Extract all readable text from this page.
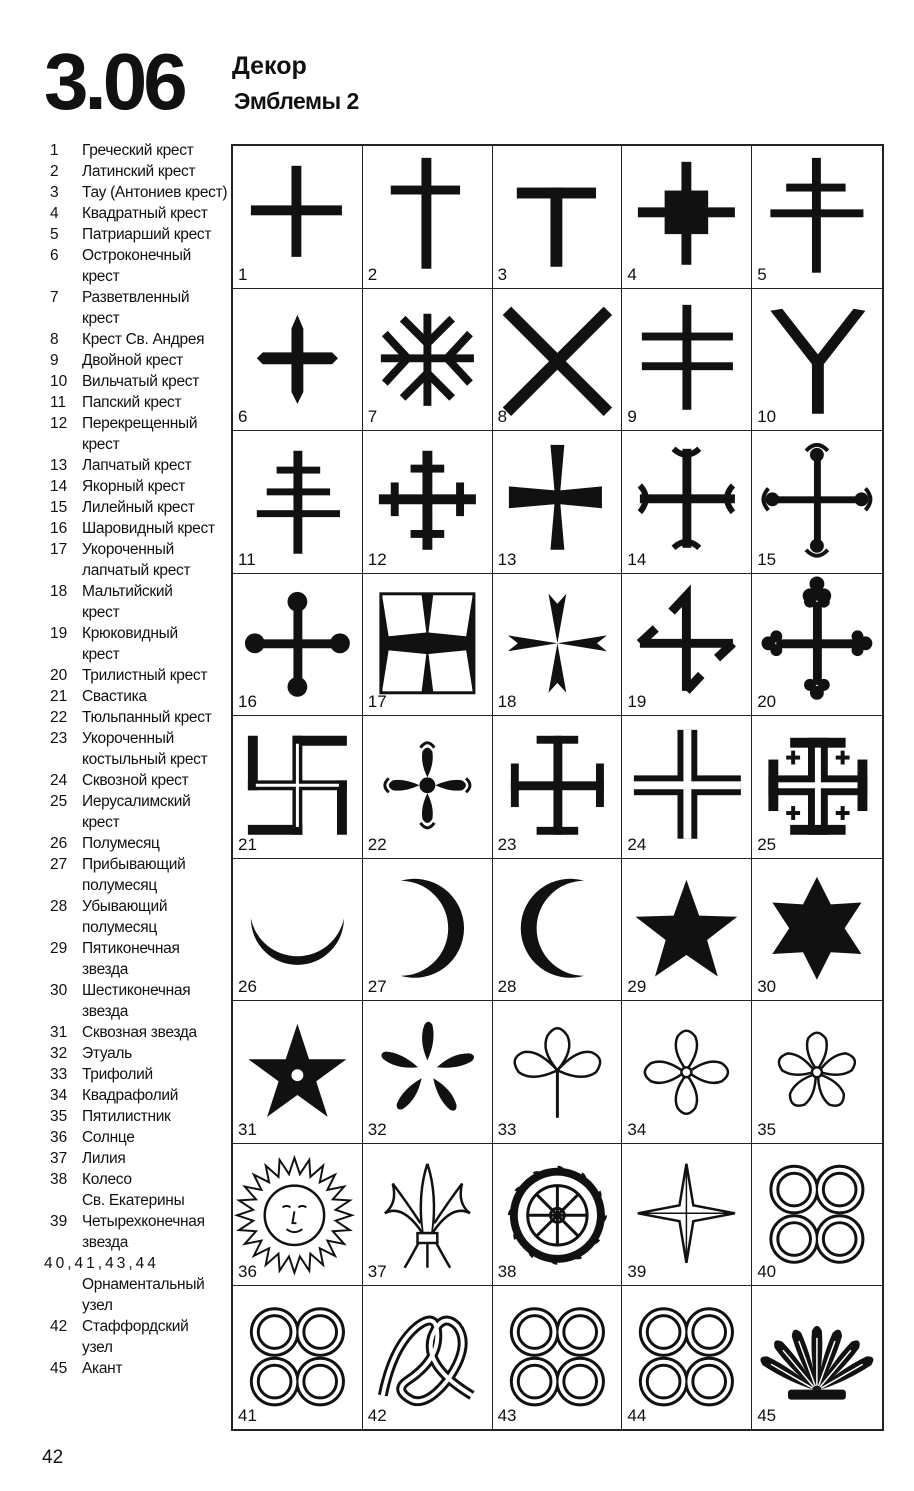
3.06 Декор
Эмблемы 2
1	Греческий крест
2	Латинский крест
3	Тау (Антониев крест)
4	Квадратный крест
5	Патриарший крест
6	Остроконечный
крест
7	Разветвленный
крест
8	Крест Св. Андрея
9	Двойной крест
10 Вильчатый крест
11	Папский крест
12 Перекрещенный
крест
13 Лапчатый крест
14 Якорный крест
15 Лилейный крест
16 Шаровидный крест
17 Укороченный
лапчатый крест
18 Мальтийский
крест
19 Крюковидный
крест
20 Трилистный крест
21 Свастика
22 Тюльпанный крест
23 Укороченный
костыльный крест
24 Сквозной крест
25 Иерусалимский
крест
26 Полумесяц
27 Прибывающий
полумесяц
28 Убывающий
полумесяц
29 Пятиконечная
звезда
30 Шестиконечная
звезда
31 Сквозная звезда
32 Этуаль
33 Трифолий
34 Квадрафолий
35 Пятилистник
36 Солнце
37 Лилия
38 Колесо
Св. Екатерины
39 Четырехконечная
звезда
40,41,43,44
Орнаментальный
узел
42 Стаффордский
узел
45 Акант
1	2	3	4	5
6	7	8	9	10
11	12	13	14	15
16	17	18	19	20
21	22	23	24	25
26	27	28	29	30
31	32	33	34	35
36	37	38	39	40
41	42	43	44	45
42
